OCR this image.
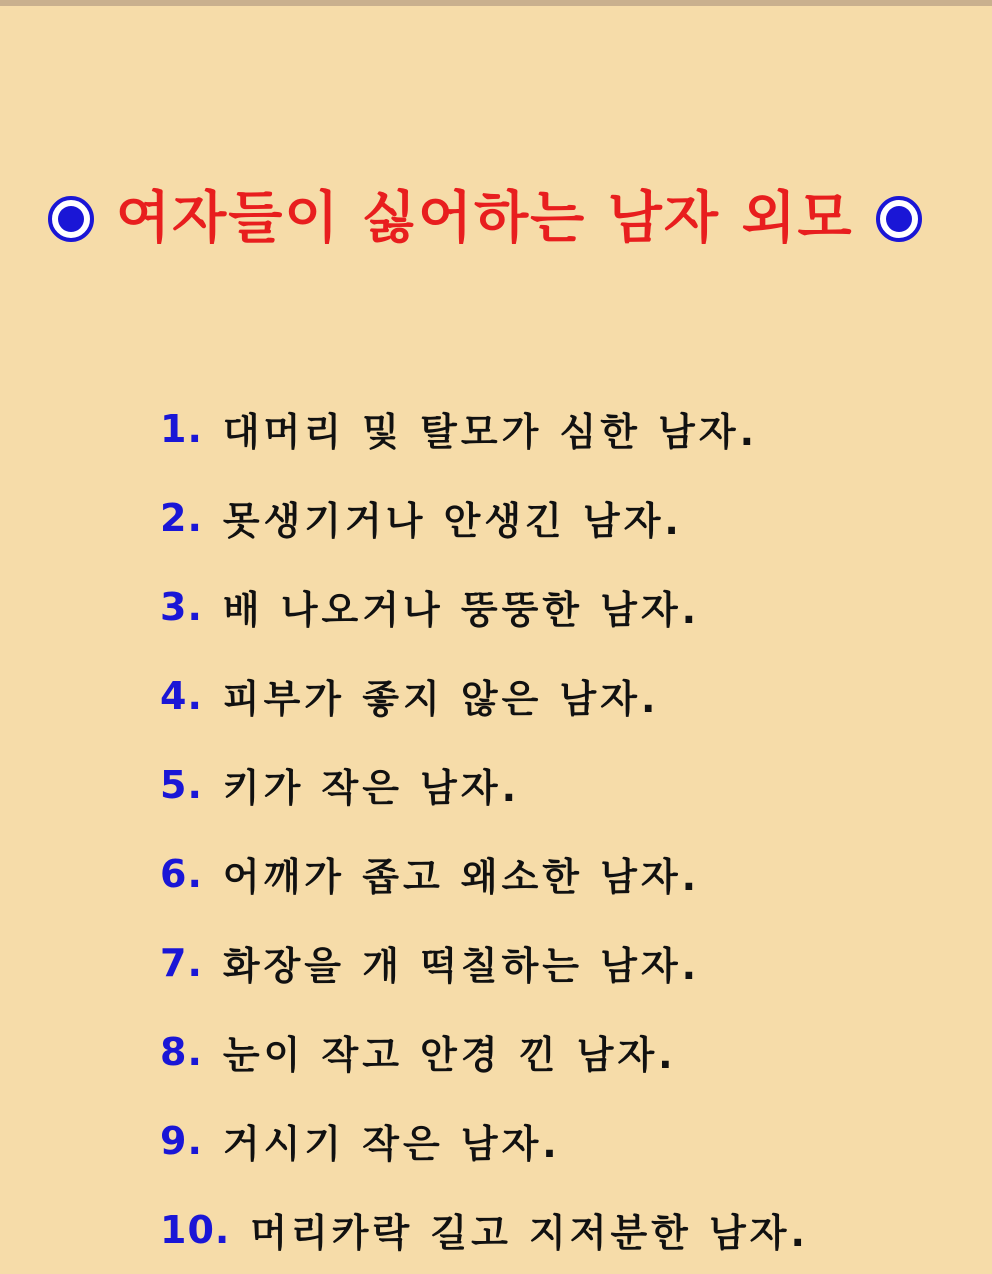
여자들이 싫어하는 남자 외모
1. 대머리 및 탈모가 심한 남자.
2. 못생기거나 안생긴 남자.
3. 배 나오거나 뚱뚱한 남자.
4. 피부가 좋지 않은 남자.
5. 키가 작은 남자.
6. 어깨가 좁고 왜소한 남자.
7. 화장을 개 떡칠하는 남자.
8. 눈이 작고 안경 낀 남자.
9. 거시기 작은 남자.
10. 머리카락 길고 지저분한 남자.
